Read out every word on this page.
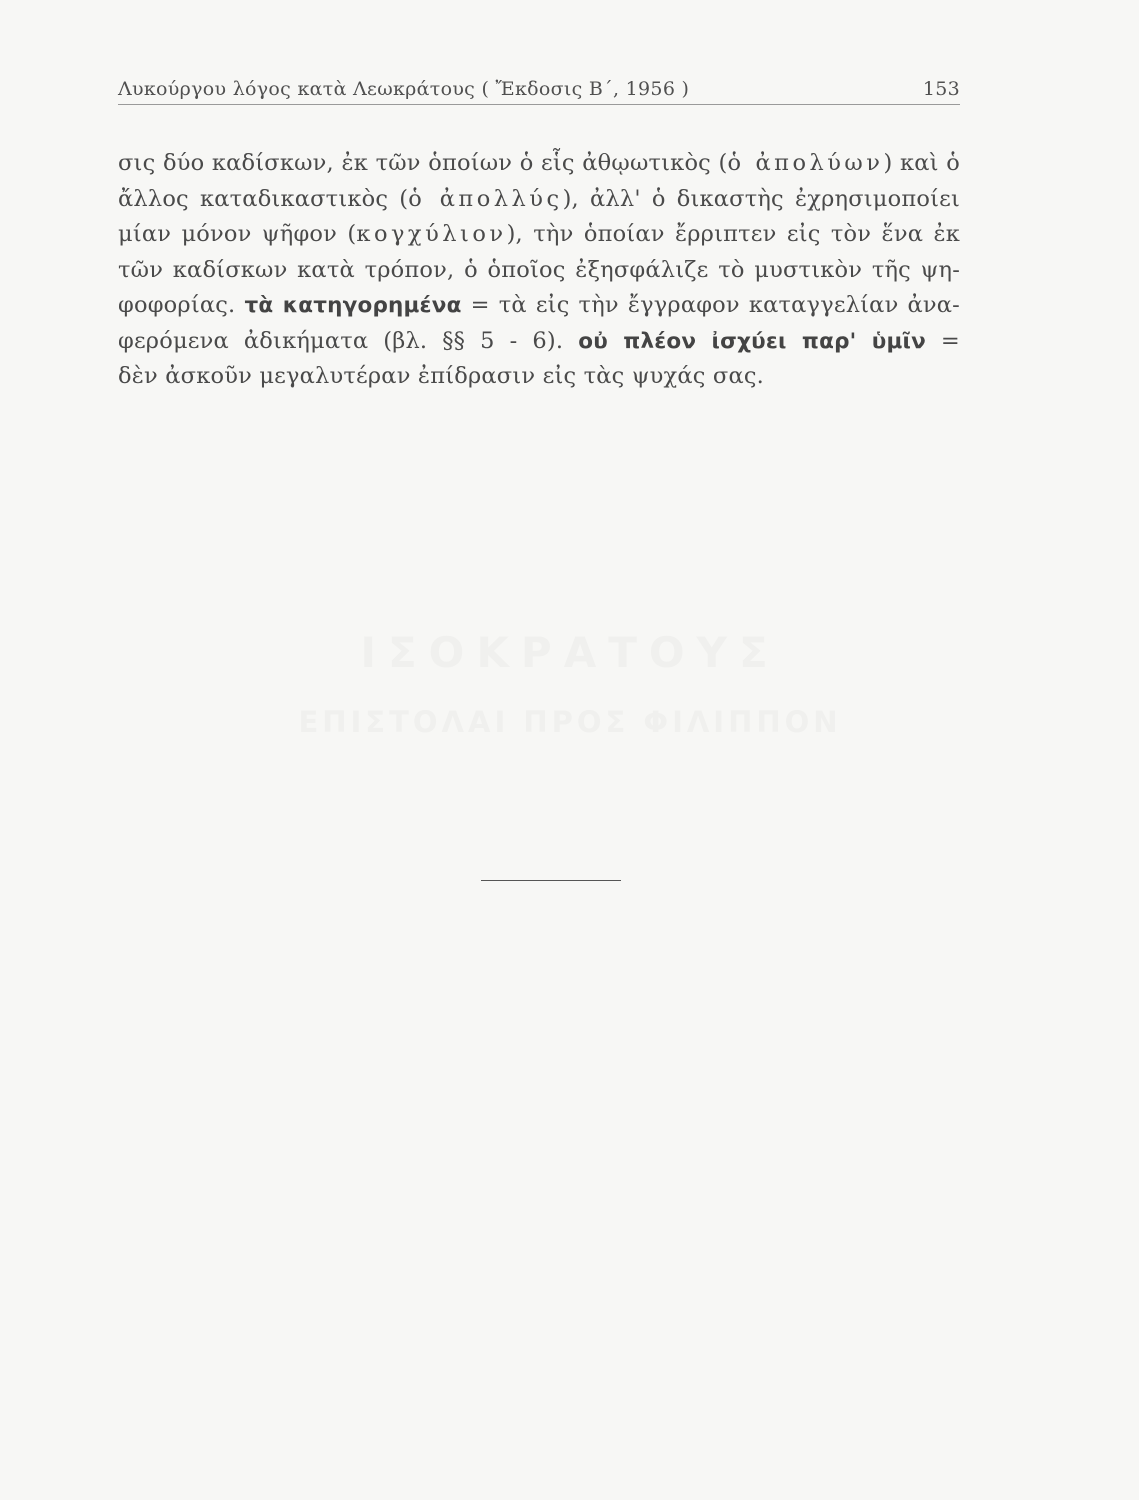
Λυκούργου λόγος κατὰ Λεωκράτους ( Ἔκδοσις Β΄, 1956 )	153
σις δύο καδίσκων, ἐκ τῶν ὁποίων ὁ εἷς ἀθῳωτικὸς (ὁ ἀπολύων) καὶ ὁ
ἄλλος καταδικαστικὸς (ὁ ἀπολλύς), ἀλλ' ὁ δικαστὴς ἐχρησιμοποίει
μίαν μόνον ψῆφον (κογχύλιον), τὴν ὁποίαν ἔρριπτεν εἰς τὸν ἕνα ἐκ
τῶν καδίσκων κατὰ τρόπον, ὁ ὁποῖος ἐξησφάλιζε τὸ μυστικὸν τῆς ψη-
φοφορίας. τὰ κατηγορημένα = τὰ εἰς τὴν ἔγγραφον καταγγελίαν ἀνα-
φερόμενα ἀδικήματα (βλ. §§ 5 - 6). οὐ πλέον ἰσχύει παρ' ὑμῖν =
δὲν ἀσκοῦν μεγαλυτέραν ἐπίδρασιν εἰς τὰς ψυχάς σας.
ΙΣΟΚΡΑΤΟΥΣ
ΕΠΙΣΤΟΛΑΙ ΠΡΟΣ ΦΙΛΙΠΠΟΝ
